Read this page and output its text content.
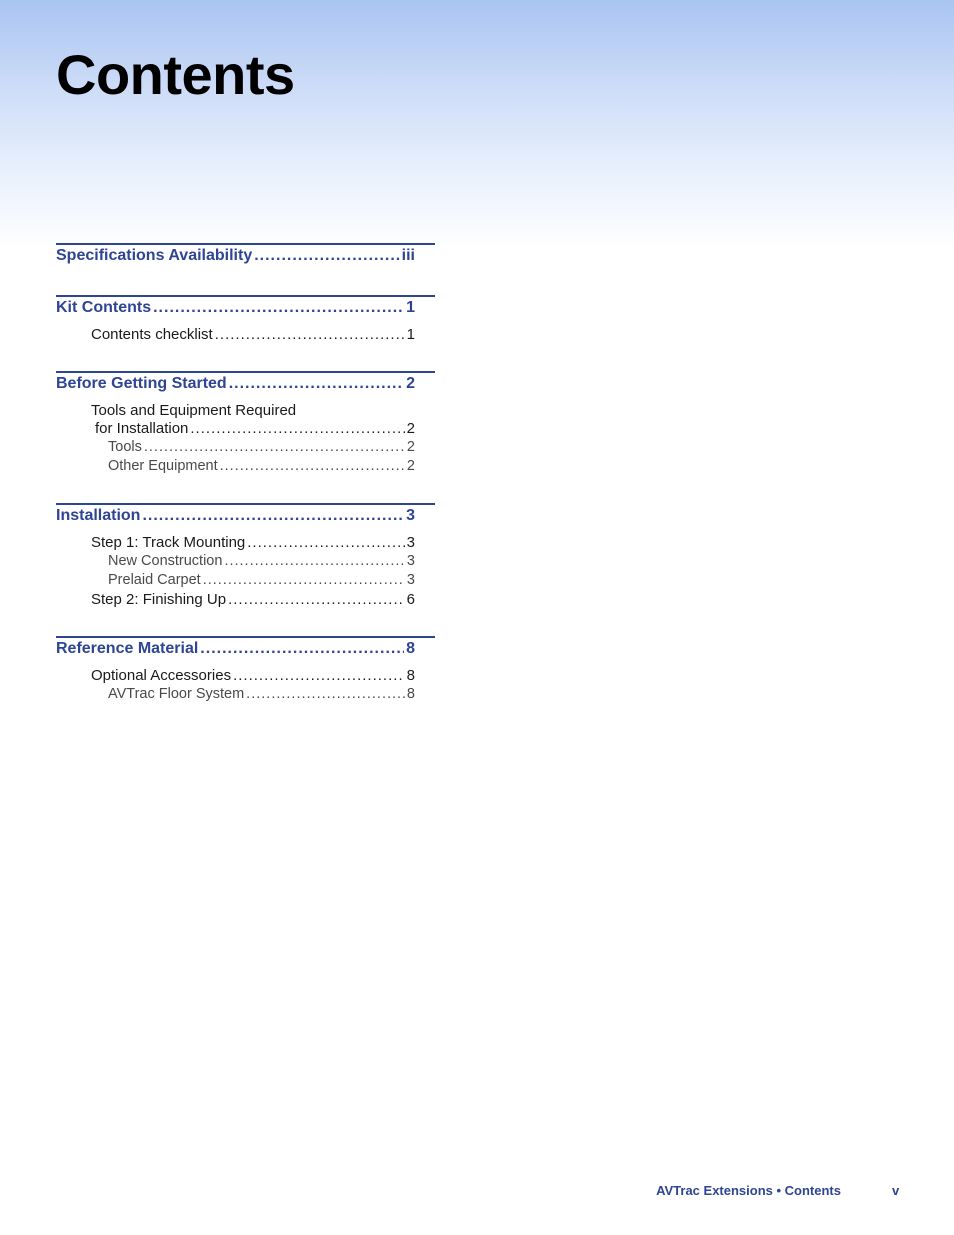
Contents
Specifications Availability .....	iii
Kit Contents .....	1
Contents checklist .....	1
Before Getting Started .....	2
Tools and Equipment Required
for Installation .....	2
Tools .....	2
Other Equipment .....	2
Installation .....	3
Step 1: Track Mounting .....	3
New Construction .....	3
Prelaid Carpet .....	3
Step 2: Finishing Up .....	6
Reference Material .....	8
Optional Accessories .....	8
AVTrac Floor System .....	8
AVTrac Extensions • Contents	v
